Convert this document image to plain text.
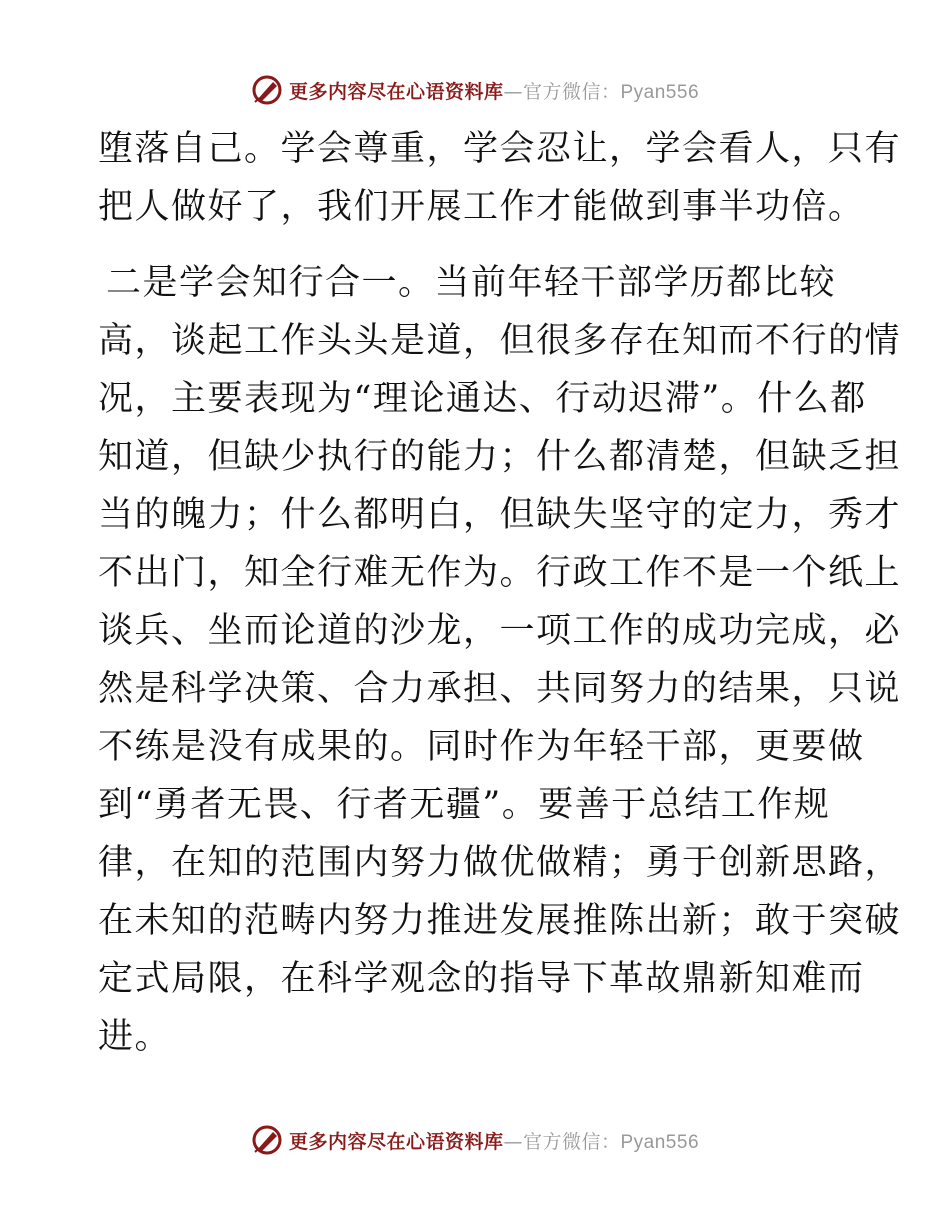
更多内容尽在心语资料库—官方微信：Pyan556
堕落自己。学会尊重，学会忍让，学会看人，只有
把人做好了，我们开展工作才能做到事半功倍。
二是学会知行合一。当前年轻干部学历都比较
高，谈起工作头头是道，但很多存在知而不行的情
况，主要表现为“理论通达、行动迟滞”。什么都
知道，但缺少执行的能力；什么都清楚，但缺乏担
当的魄力；什么都明白，但缺失坚守的定力，秀才
不出门，知全行难无作为。行政工作不是一个纸上
谈兵、坐而论道的沙龙，一项工作的成功完成，必
然是科学决策、合力承担、共同努力的结果，只说
不练是没有成果的。同时作为年轻干部，更要做
到“勇者无畏、行者无疆”。要善于总结工作规
律，在知的范围内努力做优做精；勇于创新思路，
在未知的范畴内努力推进发展推陈出新；敢于突破
定式局限，在科学观念的指导下革故鼎新知难而
进。
更多内容尽在心语资料库—官方微信：Pyan556
